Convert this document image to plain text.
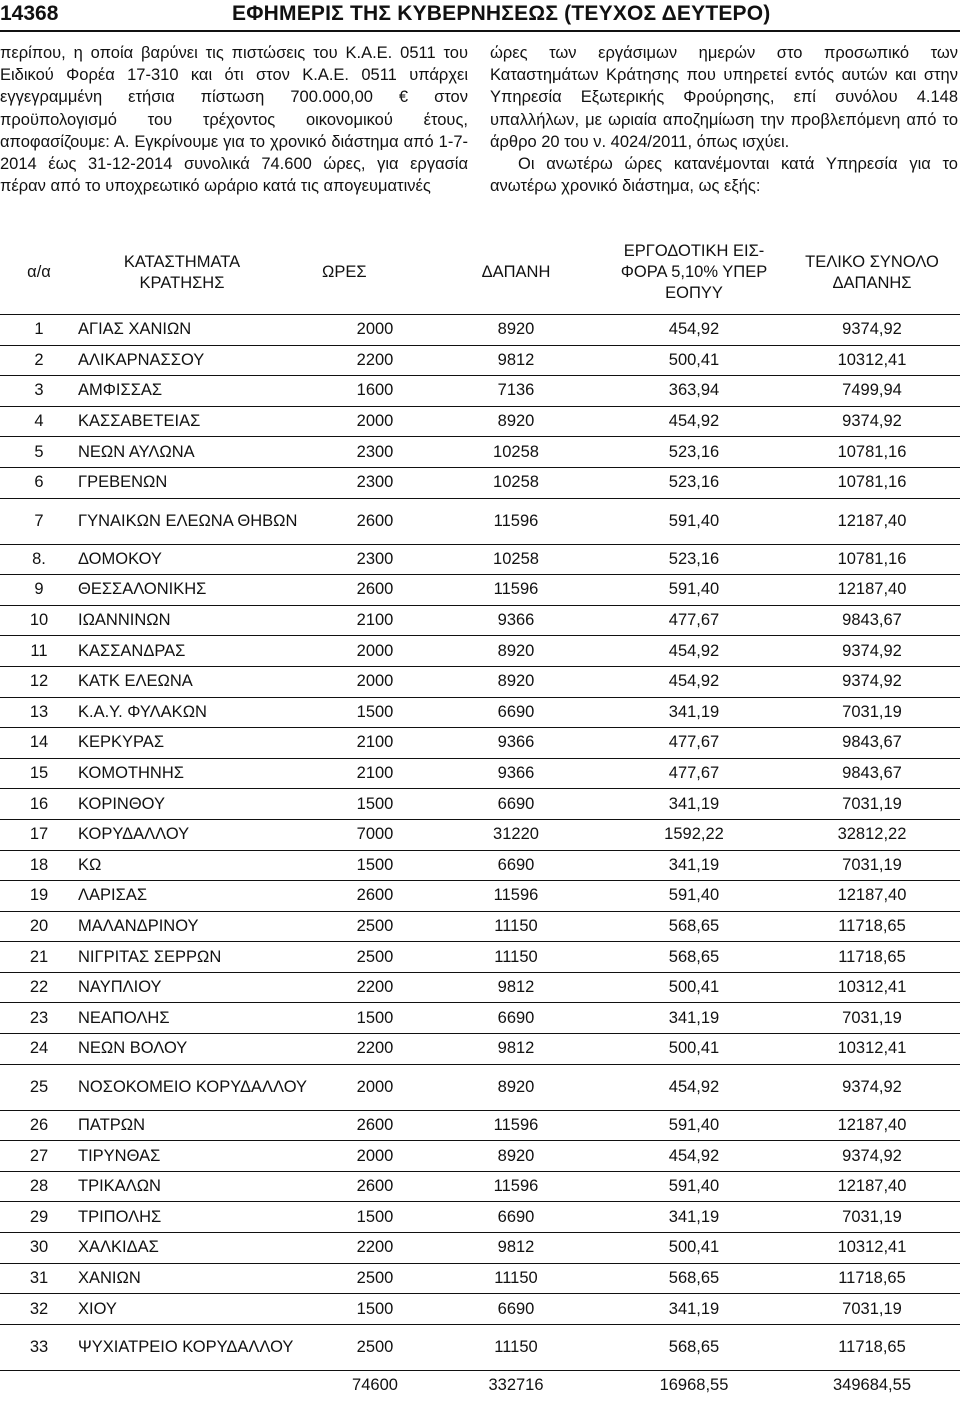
14368	ΕΦΗΜΕΡΙΣ ΤΗΣ ΚΥΒΕΡΝΗΣΕΩΣ (ΤΕΥΧΟΣ ΔΕΥΤΕΡΟ)

περίπου, η οποία βαρύνει τις πιστώσεις του Κ.Α.Ε. 0511 του Ειδικού Φορέα 17-310 και ότι στον Κ.Α.Ε. 0511 υπάρχει εγγεγραμμένη ετήσια πίστωση 700.000,00 € στον προϋπολογισμό του τρέχοντος οικονομικού έτους, αποφασίζουμε: Α. Εγκρίνουμε για το χρονικό διάστημα από 1-7-2014 έως 31-12-2014 συνολικά 74.600 ώρες, για εργασία πέραν από το υποχρεωτικό ωράριο κατά τις απογευματινές

ώρες των εργάσιμων ημερών στο προσωπικό των Καταστημάτων Κράτησης που υπηρετεί εντός αυτών και στην Υπηρεσία Εξωτερικής Φρούρησης, επί συνόλου 4.148 υπαλλήλων, με ωριαία αποζημίωση την προβλεπόμενη από το άρθρο 20 του ν. 4024/2011, όπως ισχύει.

Οι ανωτέρω ώρες κατανέμονται κατά Υπηρεσία για το ανωτέρω χρονικό διάστημα, ως εξής:

α/α	ΚΑΤΑΣΤΗΜΑΤΑ ΚΡΑΤΗΣΗΣ	ΩΡΕΣ	ΔΑΠΑΝΗ	ΕΡΓΟΔΟΤΙΚΗ ΕΙΣ-ΦΟΡΑ 5,10% ΥΠΕΡ ΕΟΠΥΥ	ΤΕΛΙΚΟ ΣΥΝΟΛΟ ΔΑΠΑΝΗΣ
1	ΑΓΙΑΣ ΧΑΝΙΩΝ	2000	8920	454,92	9374,92
2	ΑΛΙΚΑΡΝΑΣΣΟΥ	2200	9812	500,41	10312,41
3	ΑΜΦΙΣΣΑΣ	1600	7136	363,94	7499,94
4	ΚΑΣΣΑΒΕΤΕΙΑΣ	2000	8920	454,92	9374,92
5	ΝΕΩΝ ΑΥΛΩΝΑ	2300	10258	523,16	10781,16
6	ΓΡΕΒΕΝΩΝ	2300	10258	523,16	10781,16
7	ΓΥΝΑΙΚΩΝ ΕΛΕΩΝΑ ΘΗΒΩΝ	2600	11596	591,40	12187,40
8.	ΔΟΜΟΚΟΥ	2300	10258	523,16	10781,16
9	ΘΕΣΣΑΛΟΝΙΚΗΣ	2600	11596	591,40	12187,40
10	ΙΩΑΝΝΙΝΩΝ	2100	9366	477,67	9843,67
11	ΚΑΣΣΑΝΔΡΑΣ	2000	8920	454,92	9374,92
12	ΚΑΤΚ ΕΛΕΩΝΑ	2000	8920	454,92	9374,92
13	Κ.Α.Υ. ΦΥΛΑΚΩΝ	1500	6690	341,19	7031,19
14	ΚΕΡΚΥΡΑΣ	2100	9366	477,67	9843,67
15	ΚΟΜΟΤΗΝΗΣ	2100	9366	477,67	9843,67
16	ΚΟΡΙΝΘΟΥ	1500	6690	341,19	7031,19
17	ΚΟΡΥΔΑΛΛΟΥ	7000	31220	1592,22	32812,22
18	ΚΩ	1500	6690	341,19	7031,19
19	ΛΑΡΙΣΑΣ	2600	11596	591,40	12187,40
20	ΜΑΛΑΝΔΡΙΝΟΥ	2500	11150	568,65	11718,65
21	ΝΙΓΡΙΤΑΣ ΣΕΡΡΩΝ	2500	11150	568,65	11718,65
22	ΝΑΥΠΛΙΟΥ	2200	9812	500,41	10312,41
23	ΝΕΑΠΟΛΗΣ	1500	6690	341,19	7031,19
24	ΝΕΩΝ ΒΟΛΟΥ	2200	9812	500,41	10312,41
25	ΝΟΣΟΚΟΜΕΙΟ ΚΟΡΥΔΑΛΛΟΥ	2000	8920	454,92	9374,92
26	ΠΑΤΡΩΝ	2600	11596	591,40	12187,40
27	ΤΙΡΥΝΘΑΣ	2000	8920	454,92	9374,92
28	ΤΡΙΚΑΛΩΝ	2600	11596	591,40	12187,40
29	ΤΡΙΠΟΛΗΣ	1500	6690	341,19	7031,19
30	ΧΑΛΚΙΔΑΣ	2200	9812	500,41	10312,41
31	ΧΑΝΙΩΝ	2500	11150	568,65	11718,65
32	ΧΙΟΥ	1500	6690	341,19	7031,19
33	ΨΥΧΙΑΤΡΕΙΟ ΚΟΡΥΔΑΛΛΟΥ	2500	11150	568,65	11718,65
		74600	332716	16968,55	349684,55
